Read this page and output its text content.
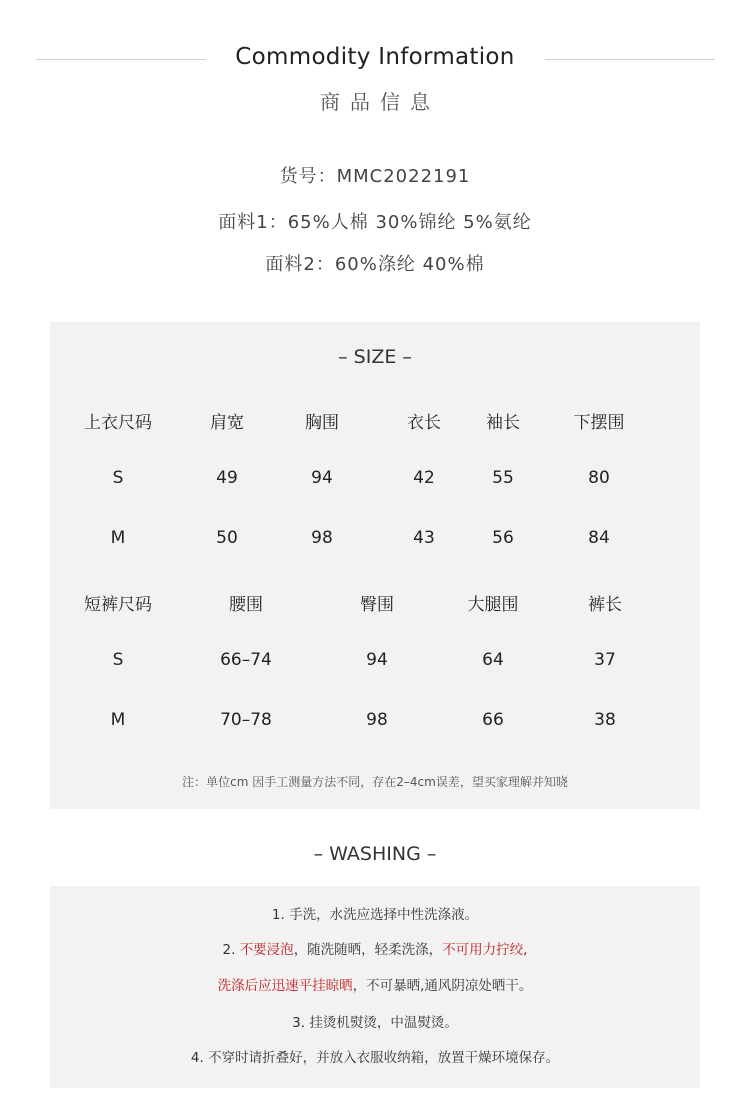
Commodity Information
商品信息
货号：MMC2022191
面料1：65%人棉 30%锦纶 5%氨纶
面料2：60%涤纶 40%棉
– SIZE –
上衣尺码	肩宽	胸围	衣长	袖长	下摆围
S	49	94	42	55	80
M	50	98	43	56	84
短裤尺码	腰围	臀围	大腿围	裤长
S	66–74	94	64	37
M	70–78	98	66	38
注：单位cm 因手工测量方法不同，存在2–4cm误差，望买家理解并知晓
– WASHING –
1. 手洗，水洗应选择中性洗涤液。
2. 不要浸泡，随洗随晒，轻柔洗涤，不可用力拧绞,
洗涤后应迅速平挂晾晒，不可暴晒,通风阴凉处晒干。
3. 挂烫机熨烫，中温熨烫。
4. 不穿时请折叠好，并放入衣服收纳箱，放置干燥环境保存。
